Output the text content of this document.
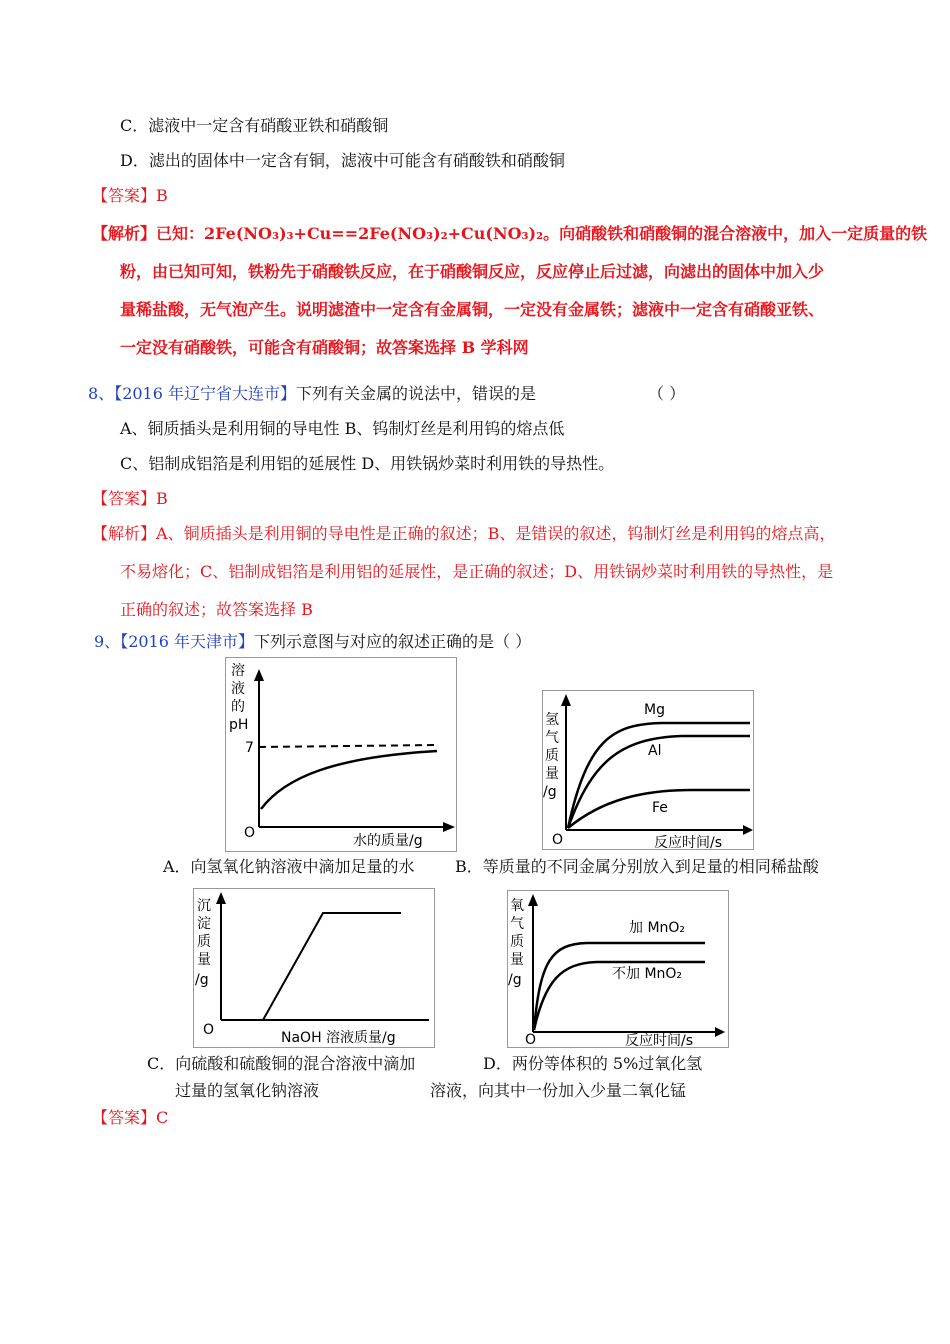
C．滤液中一定含有硝酸亚铁和硝酸铜
D．滤出的固体中一定含有铜，滤液中可能含有硝酸铁和硝酸铜
【答案】B
【解析】已知：2Fe(NO₃)₃+Cu==2Fe(NO₃)₂+Cu(NO₃)₂。向硝酸铁和硝酸铜的混合溶液中，加入一定质量的铁
粉，由已知可知，铁粉先于硝酸铁反应，在于硝酸铜反应，反应停止后过滤，向滤出的固体中加入少
量稀盐酸，无气泡产生。说明滤渣中一定含有金属铜，一定没有金属铁；滤液中一定含有硝酸亚铁、
一定没有硝酸铁，可能含有硝酸铜；故答案选择 B 学科网
8、【2016 年辽宁省大连市】下列有关金属的说法中，错误的是	（ ）
A、铜质插头是利用铜的导电性 B、钨制灯丝是利用钨的熔点低
C、铝制成铝箔是利用铝的延展性 D、用铁锅炒菜时利用铁的导热性。
【答案】B
【解析】A、铜质插头是利用铜的导电性是正确的叙述；B、是错误的叙述，钨制灯丝是利用钨的熔点高，
不易熔化；C、铝制成铝箔是利用铝的延展性，是正确的叙述；D、用铁锅炒菜时利用铁的导热性，是
正确的叙述；故答案选择 B
9、【2016 年天津市】下列示意图与对应的叙述正确的是（ ）
溶
液
的
pH
7
O	水的质量/g
氢
气
质
量
/g
Mg
Al
Fe
O	反应时间/s
A．向氢氧化钠溶液中滴加足量的水	B．等质量的不同金属分别放入到足量的相同稀盐酸
沉
淀
质
量
/g
O	NaOH 溶液质量/g
氧
气
质
量
/g
加 MnO₂
不加 MnO₂
O	反应时间/s
C．向硫酸和硫酸铜的混合溶液中滴加
过量的氢氧化钠溶液
D．两份等体积的 5%过氧化氢
溶液，向其中一份加入少量二氧化锰
【答案】C
